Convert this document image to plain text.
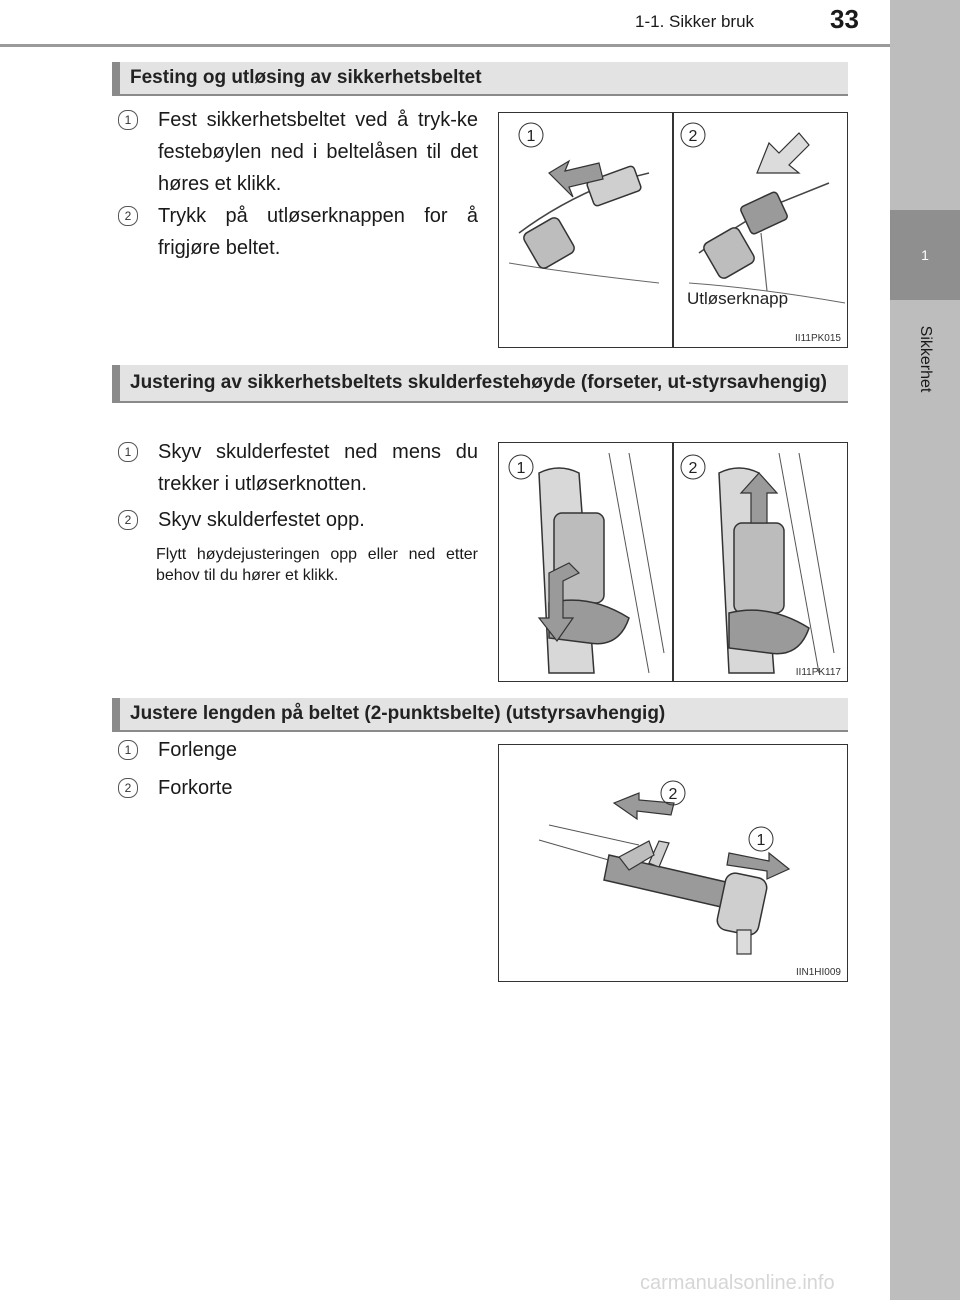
1
Sikkerhet
1-1. Sikker bruk	33
Festing og utløsing av sikkerhetsbeltet
1	Fest sikkerhetsbeltet ved å tryk-ke festebøylen ned i beltelåsen til det høres et klikk.
2	Trykk på utløserknappen for å frigjøre beltet.
1	2
Utløserknapp
II11PK015
Justering av sikkerhetsbeltets skulderfestehøyde (forseter, ut-styrsavhengig)
1	Skyv skulderfestet ned mens du trekker i utløserknotten.
2	Skyv skulderfestet opp.
Flytt høydejusteringen opp eller ned etter behov til du hører et klikk.
1	2
II11PK117
Justere lengden på beltet (2-punktsbelte) (utstyrsavhengig)
1	Forlenge
2	Forkorte	2
1
IIN1HI009
carmanualsonline.info
